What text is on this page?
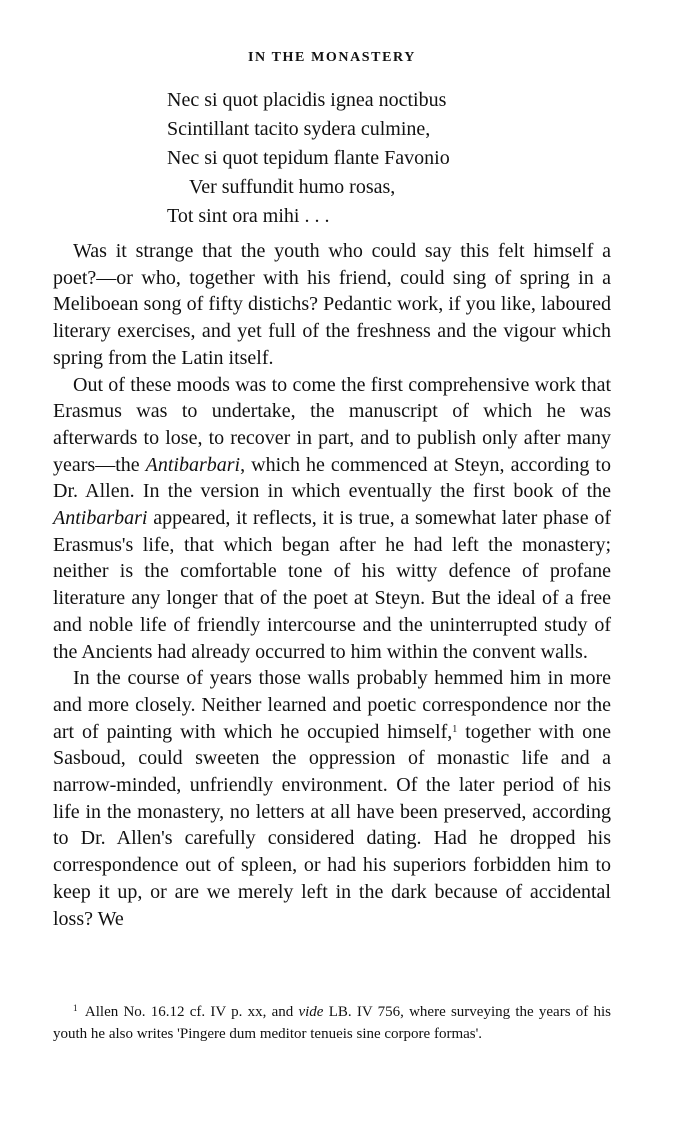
IN THE MONASTERY
Nec si quot placidis ignea noctibus
Scintillant tacito sydera culmine,
Nec si quot tepidum flante Favonio
Ver suffundit humo rosas,
Tot sint ora mihi . . .

Was it strange that the youth who could say this felt himself a poet?—or who, together with his friend, could sing of spring in a Meliboean song of fifty distichs? Pedantic work, if you like, laboured literary exercises, and yet full of the freshness and the vigour which spring from the Latin itself.

Out of these moods was to come the first comprehensive work that Erasmus was to undertake, the manuscript of which he was afterwards to lose, to recover in part, and to publish only after many years—the Antibarbari, which he commenced at Steyn, according to Dr. Allen. In the version in which eventually the first book of the Antibarbari appeared, it reflects, it is true, a somewhat later phase of Erasmus's life, that which began after he had left the monastery; neither is the comfortable tone of his witty defence of profane literature any longer that of the poet at Steyn. But the ideal of a free and noble life of friendly intercourse and the uninterrupted study of the Ancients had already occurred to him within the convent walls.

In the course of years those walls probably hemmed him in more and more closely. Neither learned and poetic correspondence nor the art of painting with which he occupied himself,$^1$ together with one Sasboud, could sweeten the oppression of monastic life and a narrow-minded, unfriendly environment. Of the later period of his life in the monastery, no letters at all have been preserved, according to Dr. Allen's carefully considered dating. Had he dropped his correspondence out of spleen, or had his superiors forbidden him to keep it up, or are we merely left in the dark because of accidental loss? We

$^1$ Allen No. 16.12 cf. IV p. xx, and vide LB. IV 756, where surveying the years of his youth he also writes 'Pingere dum meditor tenueis sine corpore formas'.
